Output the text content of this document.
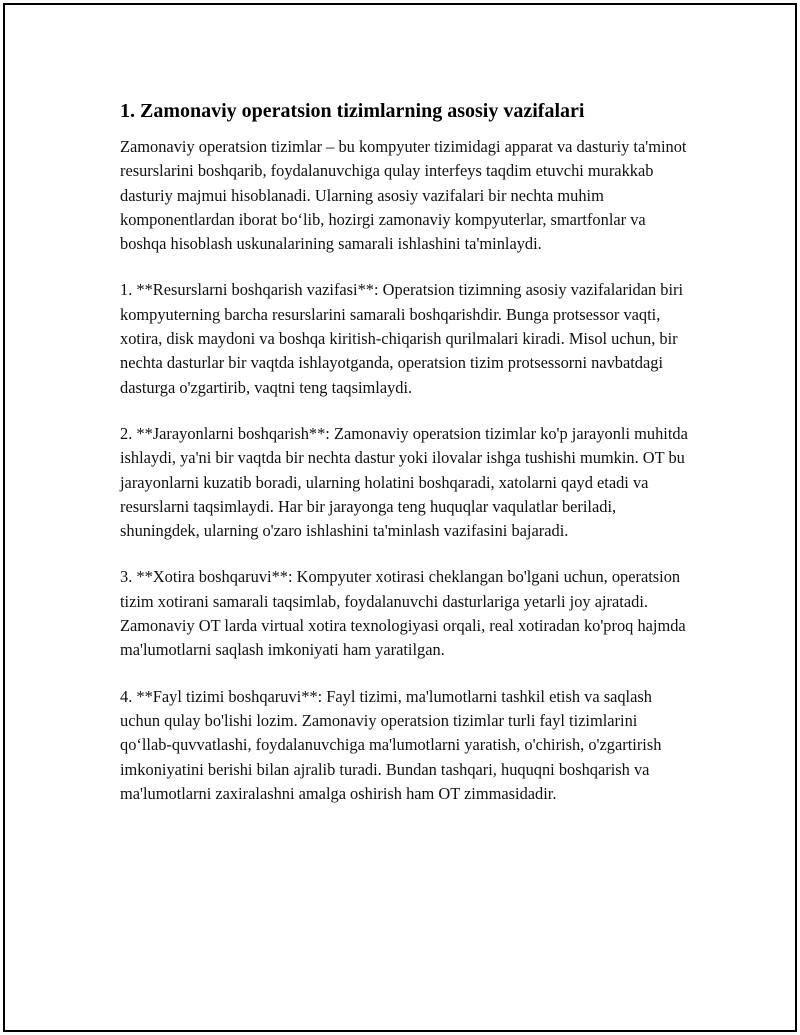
1. Zamonaviy operatsion tizimlarning asosiy vazifalari

Zamonaviy operatsion tizimlar – bu kompyuter tizimidagi apparat va dasturiy ta'minot resurslarini boshqarib, foydalanuvchiga qulay interfeys taqdim etuvchi murakkab dasturiy majmui hisoblanadi. Ularning asosiy vazifalari bir nechta muhim komponentlardan iborat boʻlib, hozirgi zamonaviy kompyuterlar, smartfonlar va boshqa hisoblash uskunalarining samarali ishlashini ta'minlaydi.

1. **Resurslarni boshqarish vazifasi**: Operatsion tizimning asosiy vazifalaridan biri kompyuterning barcha resurslarini samarali boshqarishdir. Bunga protsessor vaqti, xotira, disk maydoni va boshqa kiritish-chiqarish qurilmalari kiradi. Misol uchun, bir nechta dasturlar bir vaqtda ishlayotganda, operatsion tizim protsessorni navbatdagi dasturga o'zgartirib, vaqtni teng taqsimlaydi.

2. **Jarayonlarni boshqarish**: Zamonaviy operatsion tizimlar ko'p jarayonli muhitda ishlaydi, ya'ni bir vaqtda bir nechta dastur yoki ilovalar ishga tushishi mumkin. OT bu jarayonlarni kuzatib boradi, ularning holatini boshqaradi, xatolarni qayd etadi va resurslarni taqsimlaydi. Har bir jarayonga teng huquqlar vaqulatlar beriladi, shuningdek, ularning o'zaro ishlashini ta'minlash vazifasini bajaradi.

3. **Xotira boshqaruvi**: Kompyuter xotirasi cheklangan bo'lgani uchun, operatsion tizim xotirani samarali taqsimlab, foydalanuvchi dasturlariga yetarli joy ajratadi. Zamonaviy OT larda virtual xotira texnologiyasi orqali, real xotiradan ko'proq hajmda ma'lumotlarni saqlash imkoniyati ham yaratilgan.

4. **Fayl tizimi boshqaruvi**: Fayl tizimi, ma'lumotlarni tashkil etish va saqlash uchun qulay bo'lishi lozim. Zamonaviy operatsion tizimlar turli fayl tizimlarini qoʻllab-quvvatlashi, foydalanuvchiga ma'lumotlarni yaratish, o'chirish, o'zgartirish imkoniyatini berishi bilan ajralib turadi. Bundan tashqari, huquqni boshqarish va ma'lumotlarni zaxiralashni amalga oshirish ham OT zimmasidadir.
